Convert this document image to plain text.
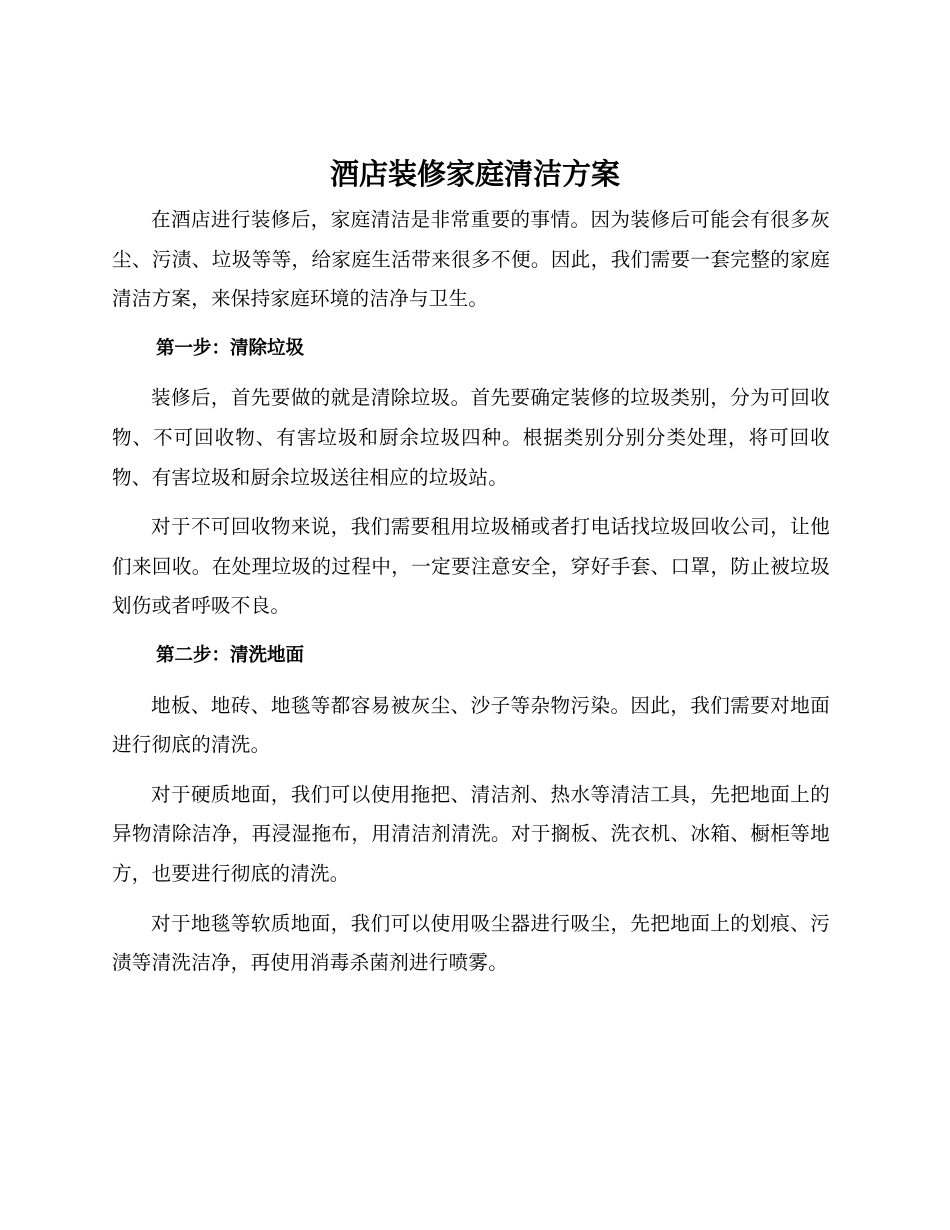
酒店装修家庭清洁方案

在酒店进行装修后，家庭清洁是非常重要的事情。因为装修后可能会有很多灰尘、污渍、垃圾等等，给家庭生活带来很多不便。因此，我们需要一套完整的家庭清洁方案，来保持家庭环境的洁净与卫生。

第一步：清除垃圾

装修后，首先要做的就是清除垃圾。首先要确定装修的垃圾类别，分为可回收物、不可回收物、有害垃圾和厨余垃圾四种。根据类别分别分类处理，将可回收物、有害垃圾和厨余垃圾送往相应的垃圾站。

对于不可回收物来说，我们需要租用垃圾桶或者打电话找垃圾回收公司，让他们来回收。在处理垃圾的过程中，一定要注意安全，穿好手套、口罩，防止被垃圾划伤或者呼吸不良。

第二步：清洗地面

地板、地砖、地毯等都容易被灰尘、沙子等杂物污染。因此，我们需要对地面进行彻底的清洗。

对于硬质地面，我们可以使用拖把、清洁剂、热水等清洁工具，先把地面上的异物清除洁净，再浸湿拖布，用清洁剂清洗。对于搁板、洗衣机、冰箱、橱柜等地方，也要进行彻底的清洗。

对于地毯等软质地面，我们可以使用吸尘器进行吸尘，先把地面上的划痕、污渍等清洗洁净，再使用消毒杀菌剂进行喷雾。
